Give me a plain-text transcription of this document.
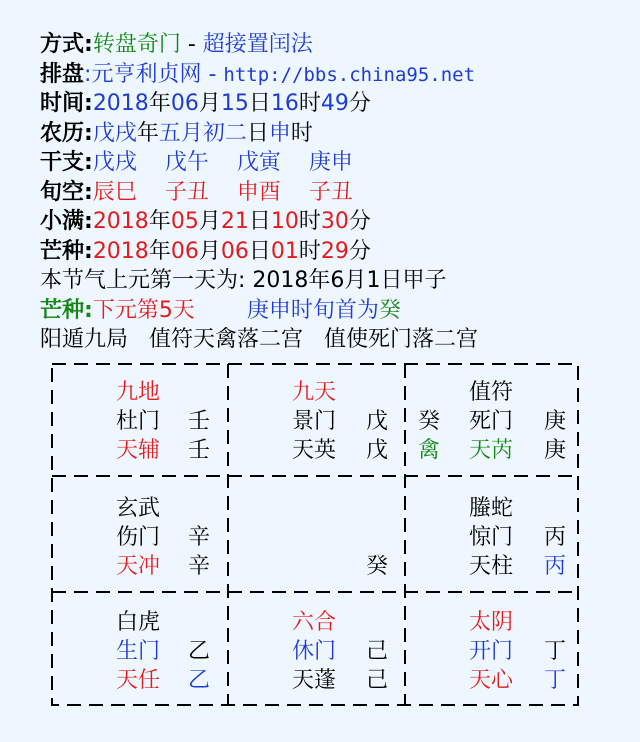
方式:转盘奇门 - 超接置闰法
排盘:元亨利贞网 - http://bbs.china95.net
时间:2018年06月15日16时49分
农历:戊戌年五月初二日申时
干支:戊戌 戊午 戊寅 庚申
旬空:辰巳 子丑 申酉 子丑
小满:2018年05月21日10时30分
芒种:2018年06月06日01时29分
本节气上元第一天为: 2018年6月1日甲子
芒种:下元第5天 庚申时旬首为癸
阳遁九局   值符天禽落二宫   值使死门落二宫
九地
杜门 壬
天辅 壬
九天
景门 戊
天英 戊
值符
癸 死门 庚
禽 天芮 庚
玄武
伤门 辛
天冲 辛	癸
螣蛇
惊门 丙
天柱 丙
白虎
生门 乙
天任 乙
六合
休门 己
天蓬 己
太阴
开门 丁
天心 丁
